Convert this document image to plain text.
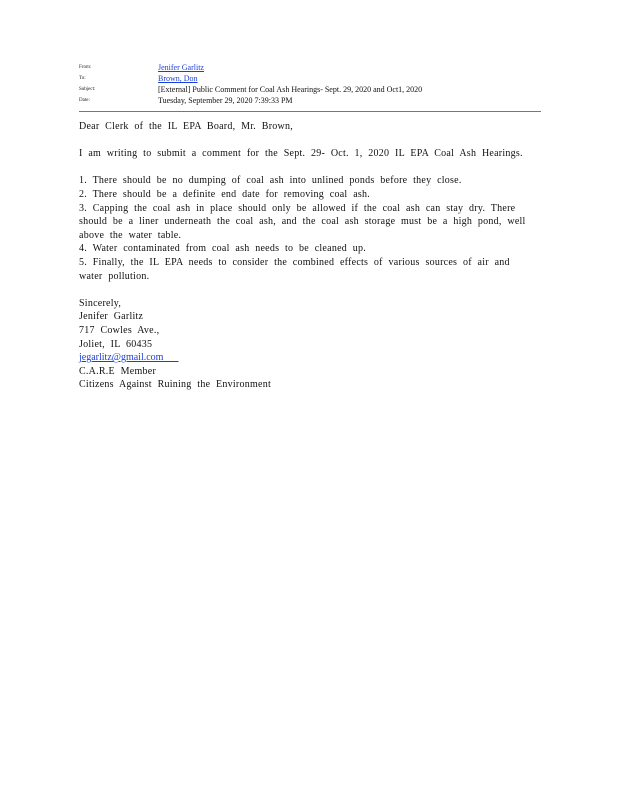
From:	Jenifer Garlitz
To:	Brown, Don
Subject:	[External] Public Comment for Coal Ash Hearings- Sept. 29, 2020 and Oct1, 2020
Date:	Tuesday, September 29, 2020 7:39:33 PM
Dear Clerk of the IL EPA Board, Mr. Brown,
I am writing to submit a comment for the Sept. 29- Oct. 1, 2020 IL EPA Coal Ash Hearings.
1. There should be no dumping of coal ash into unlined ponds before they close.
2. There should be a definite end date for removing coal ash.
3. Capping the coal ash in place should only be allowed if the coal ash can stay dry. There
should be a liner underneath the coal ash, and the coal ash storage must be a high pond, well
above the water table.
4. Water contaminated from coal ash needs to be cleaned up.
5. Finally, the IL EPA needs to consider the combined effects of various sources of air and
water pollution.
Sincerely,
Jenifer Garlitz
717 Cowles Ave.,
Joliet, IL 60435
jegarlitz@gmail.com
C.A.R.E Member
Citizens Against Ruining the Environment
